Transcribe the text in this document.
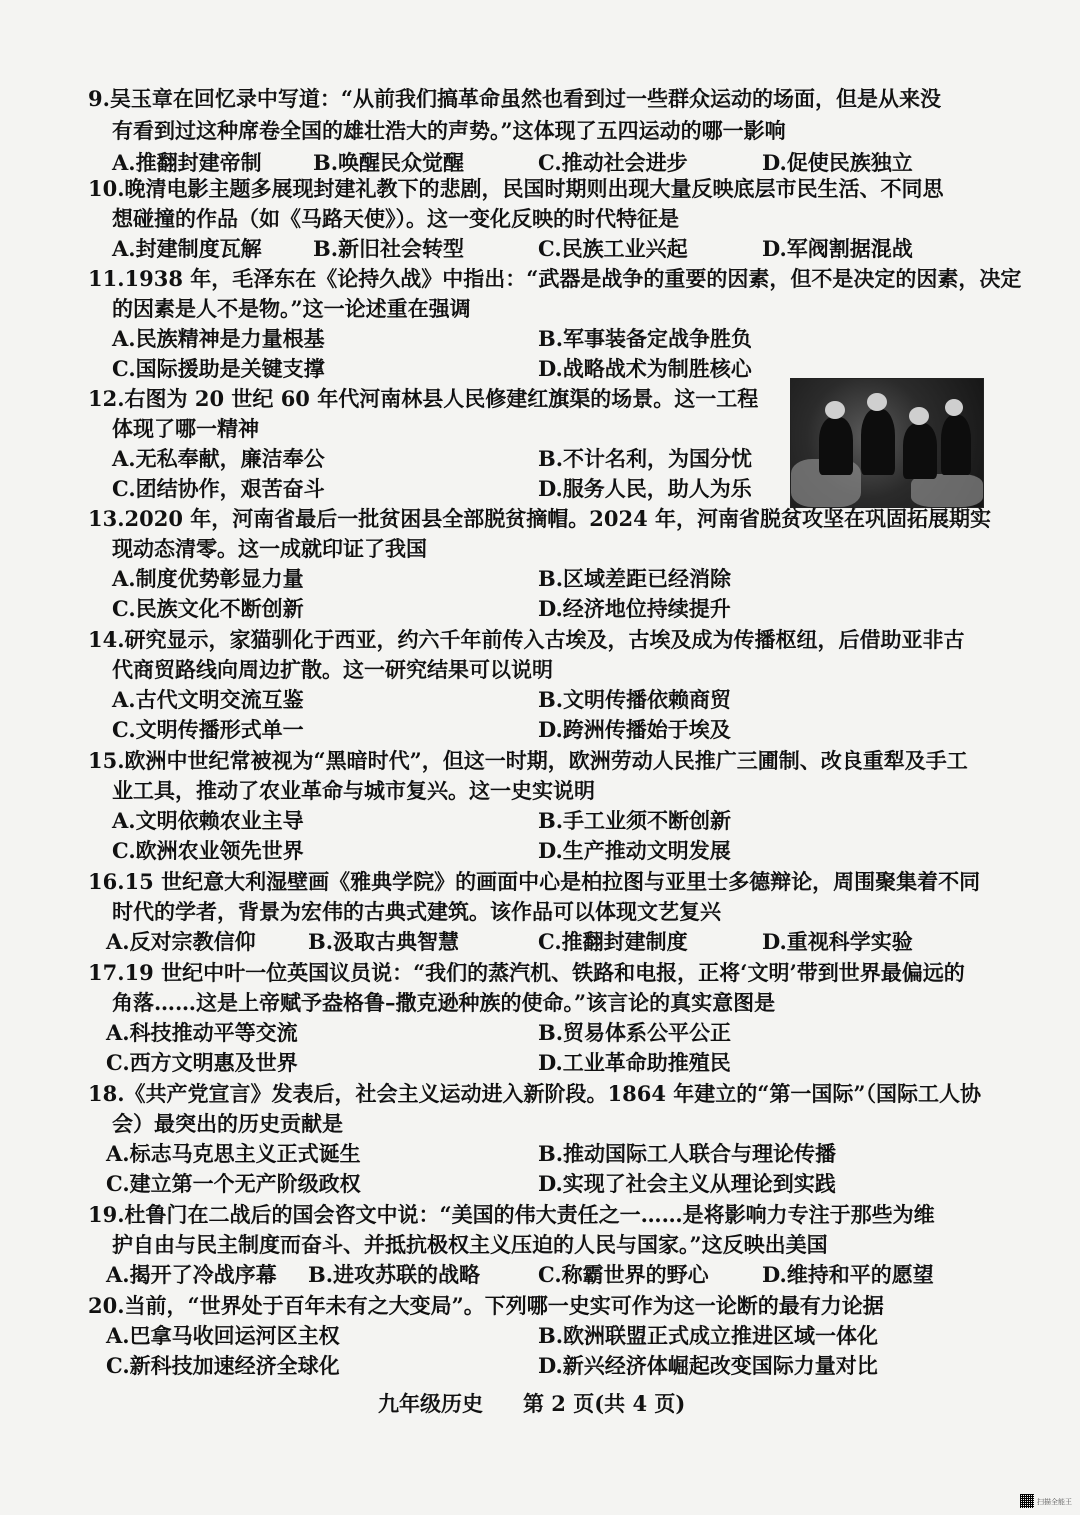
9.吴玉章在回忆录中写道：“从前我们搞革命虽然也看到过一些群众运动的场面，但是从来没
有看到过这种席卷全国的雄壮浩大的声势。”这体现了五四运动的哪一影响
A.推翻封建帝制 B.唤醒民众觉醒	C.推动社会进步	D.促使民族独立
10.晚清电影主题多展现封建礼教下的悲剧，民国时期则出现大量反映底层市民生活、不同思
想碰撞的作品（如《马路天使》）。这一变化反映的时代特征是
A.封建制度瓦解 B.新旧社会转型	C.民族工业兴起	D.军阀割据混战
11.1938 年，毛泽东在《论持久战》中指出：“武器是战争的重要的因素，但不是决定的因素，决定
的因素是人不是物。”这一论述重在强调
A.民族精神是力量根基	B.军事装备定战争胜负
C.国际援助是关键支撑	D.战略战术为制胜核心
12.右图为 20 世纪 60 年代河南林县人民修建红旗渠的场景。这一工程
体现了哪一精神
A.无私奉献，廉洁奉公	B.不计名利，为国分忧
C.团结协作，艰苦奋斗	D.服务人民，助人为乐
13.2020 年，河南省最后一批贫困县全部脱贫摘帽。2024 年，河南省脱贫攻坚在巩固拓展期实
现动态清零。这一成就印证了我国
A.制度优势彰显力量	B.区域差距已经消除
C.民族文化不断创新	D.经济地位持续提升
14.研究显示，家猫驯化于西亚，约六千年前传入古埃及，古埃及成为传播枢纽，后借助亚非古
代商贸路线向周边扩散。这一研究结果可以说明
A.古代文明交流互鉴	B.文明传播依赖商贸
C.文明传播形式单一	D.跨洲传播始于埃及
15.欧洲中世纪常被视为“黑暗时代”，但这一时期，欧洲劳动人民推广三圃制、改良重犁及手工
业工具，推动了农业革命与城市复兴。这一史实说明
A.文明依赖农业主导	B.手工业须不断创新
C.欧洲农业领先世界	D.生产推动文明发展
16.15 世纪意大利湿壁画《雅典学院》的画面中心是柏拉图与亚里士多德辩论，周围聚集着不同
时代的学者，背景为宏伟的古典式建筑。该作品可以体现文艺复兴
A.反对宗教信仰 B.汲取古典智慧	C.推翻封建制度	D.重视科学实验
17.19 世纪中叶一位英国议员说：“我们的蒸汽机、铁路和电报，正将‘文明’带到世界最偏远的
角落……这是上帝赋予盎格鲁–撒克逊种族的使命。”该言论的真实意图是
A.科技推动平等交流	B.贸易体系公平公正
C.西方文明惠及世界	D.工业革命助推殖民
18.《共产党宣言》发表后，社会主义运动进入新阶段。1864 年建立的“第一国际”（国际工人协
会）最突出的历史贡献是
A.标志马克思主义正式诞生	B.推动国际工人联合与理论传播
C.建立第一个无产阶级政权	D.实现了社会主义从理论到实践
19.杜鲁门在二战后的国会咨文中说：“美国的伟大责任之一……是将影响力专注于那些为维
护自由与民主制度而奋斗、并抵抗极权主义压迫的人民与国家。”这反映出美国
A.揭开了冷战序幕 B.进攻苏联的战略	C.称霸世界的野心	D.维持和平的愿望
20.当前，“世界处于百年未有之大变局”。下列哪一史实可作为这一论断的最有力论据
A.巴拿马收回运河区主权	B.欧洲联盟正式成立推进区域一体化
C.新科技加速经济全球化	D.新兴经济体崛起改变国际力量对比
九年级历史 第 2 页(共 4 页)
扫描全能王
